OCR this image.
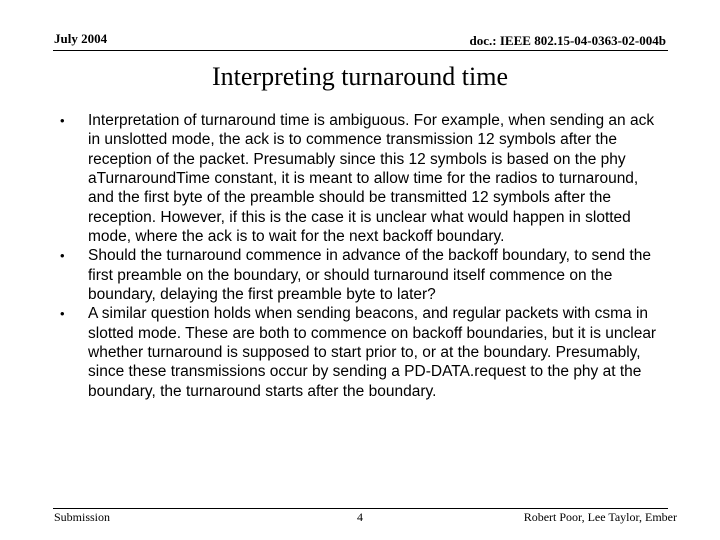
July 2004	doc.: IEEE 802.15-04-0363-02-004b
Interpreting turnaround time
• Interpretation of turnaround time is ambiguous. For example, when sending an ack in unslotted mode, the ack is to commence transmission 12 symbols after the reception of the packet. Presumably since this 12 symbols is based on the phy aTurnaroundTime constant, it is meant to allow time for the radios to turnaround, and the first byte of the preamble should be transmitted 12 symbols after the reception. However, if this is the case it is unclear what would happen in slotted mode, where the ack is to wait for the next backoff boundary.
• Should the turnaround commence in advance of the backoff boundary, to send the first preamble on the boundary, or should turnaround itself commence on the boundary, delaying the first preamble byte to later?
• A similar question holds when sending beacons, and regular packets with csma in slotted mode. These are both to commence on backoff boundaries, but it is unclear whether turnaround is supposed to start prior to, or at the boundary. Presumably, since these transmissions occur by sending a PD-DATA.request to the phy at the boundary, the turnaround starts after the boundary.
Submission	4	Robert Poor, Lee Taylor, Ember
